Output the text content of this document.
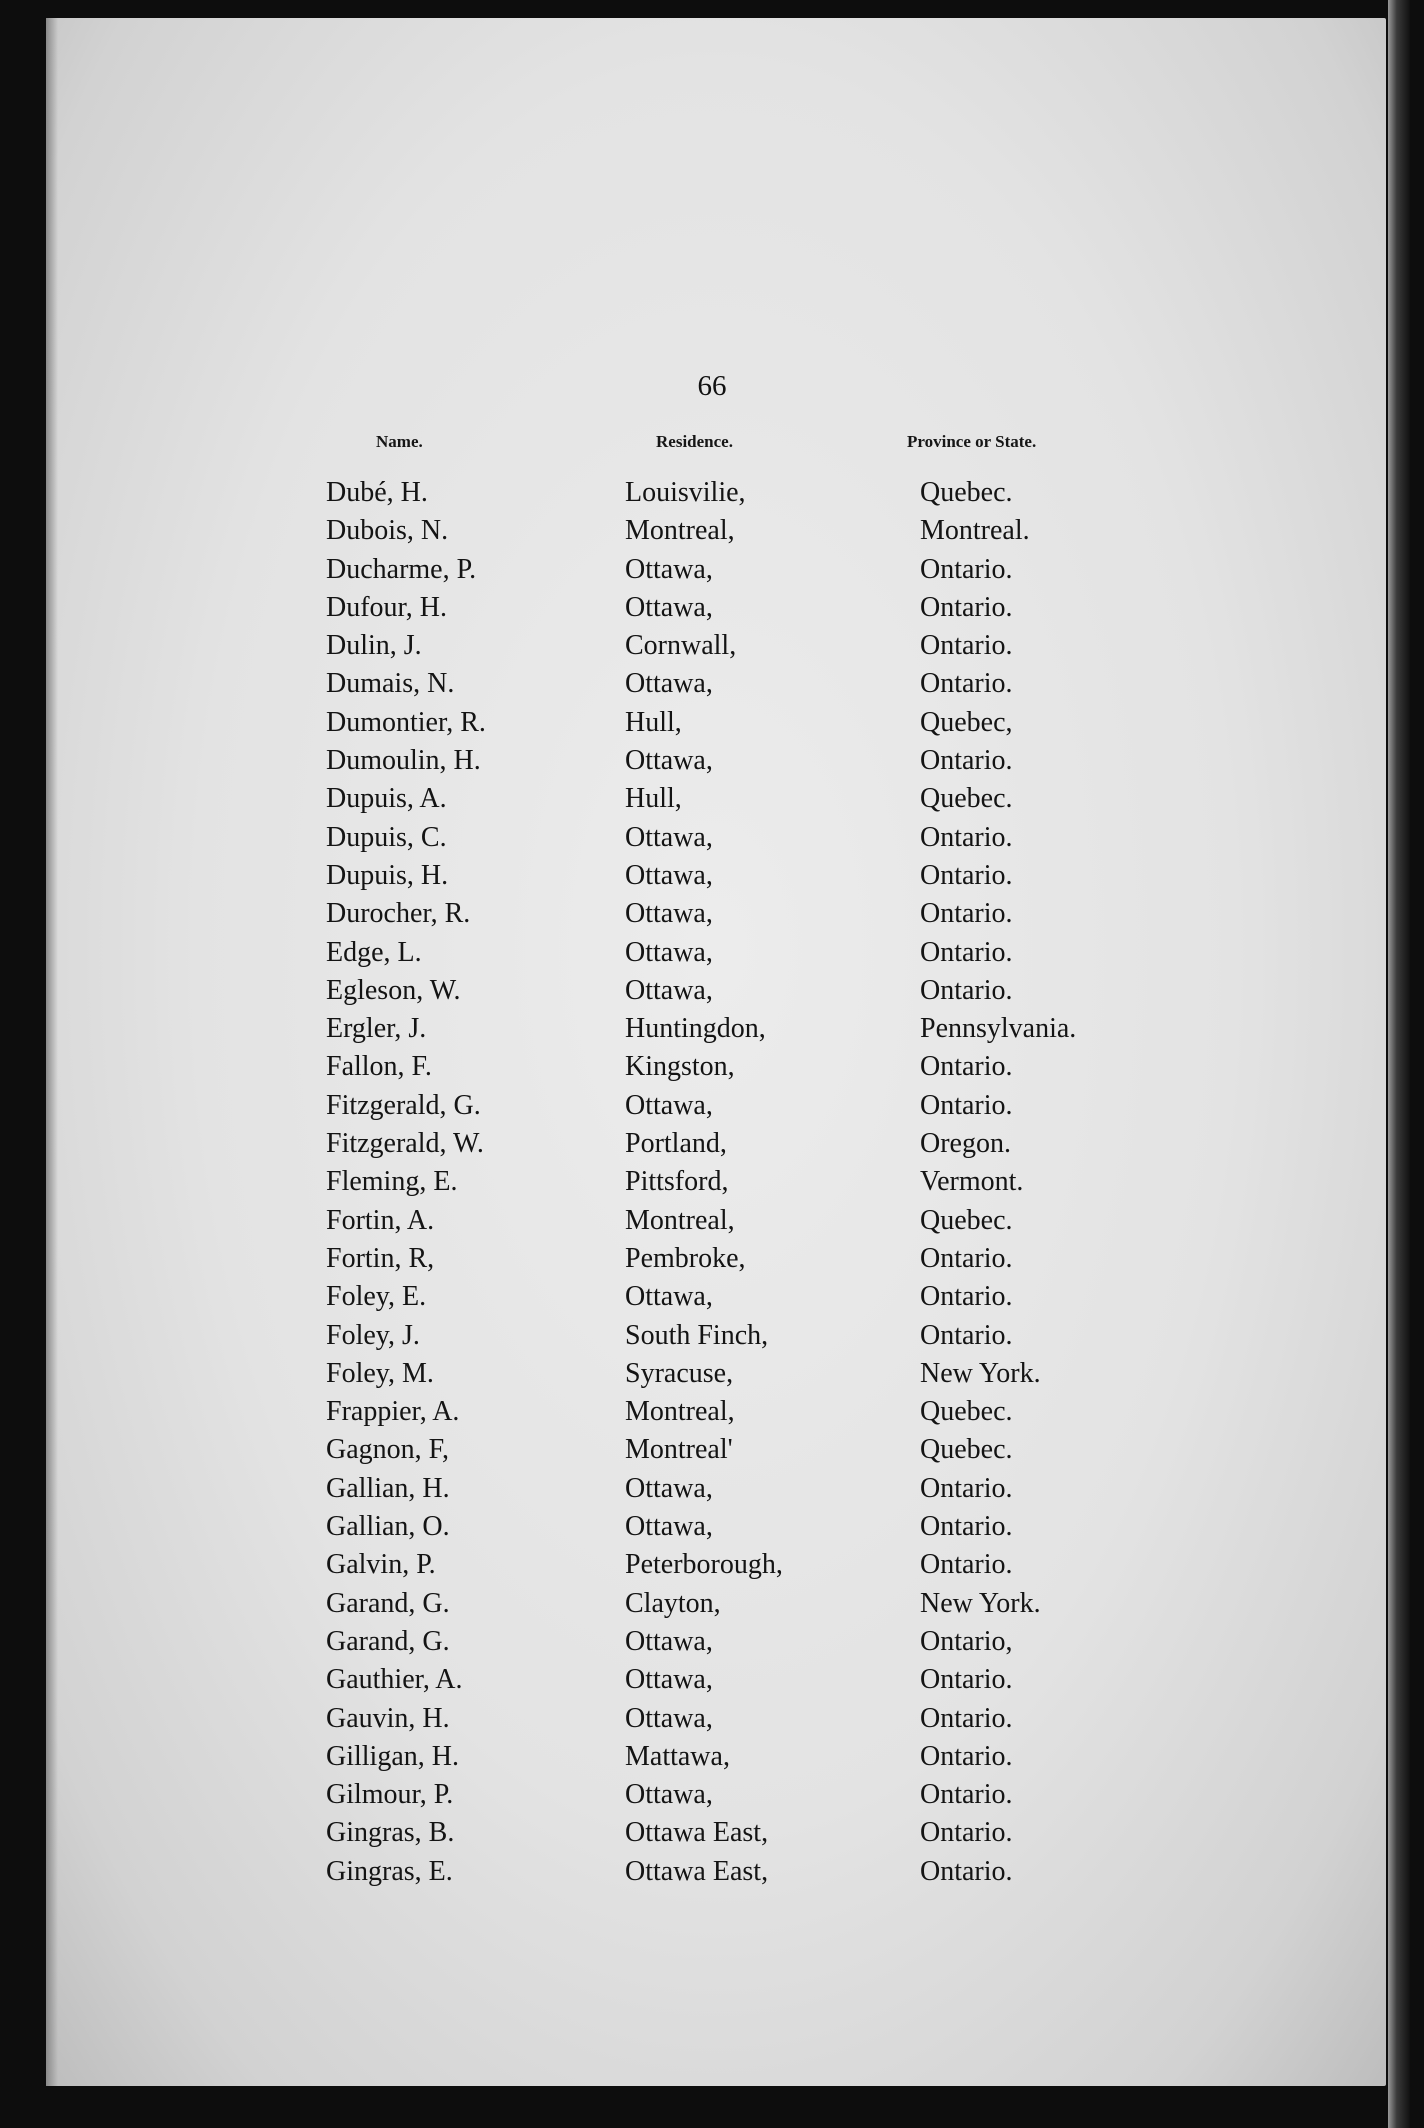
66
Name.	Residence.	Province or State.
Dubé, H.	Louisvilie,	Quebec.
Dubois, N.	Montreal,	Montreal.
Ducharme, P.	Ottawa,	Ontario.
Dufour, H.	Ottawa,	Ontario.
Dulin, J.	Cornwall,	Ontario.
Dumais, N.	Ottawa,	Ontario.
Dumontier, R.	Hull,	Quebec,
Dumoulin, H.	Ottawa,	Ontario.
Dupuis, A.	Hull,	Quebec.
Dupuis, C.	Ottawa,	Ontario.
Dupuis, H.	Ottawa,	Ontario.
Durocher, R.	Ottawa,	Ontario.
Edge, L.	Ottawa,	Ontario.
Egleson, W.	Ottawa,	Ontario.
Ergler, J.	Huntingdon,	Pennsylvania.
Fallon, F.	Kingston,	Ontario.
Fitzgerald, G.	Ottawa,	Ontario.
Fitzgerald, W.	Portland,	Oregon.
Fleming, E.	Pittsford,	Vermont.
Fortin, A.	Montreal,	Quebec.
Fortin, R,	Pembroke,	Ontario.
Foley, E.	Ottawa,	Ontario.
Foley, J.	South Finch,	Ontario.
Foley, M.	Syracuse,	New York.
Frappier, A.	Montreal,	Quebec.
Gagnon, F,	Montreal'	Quebec.
Gallian, H.	Ottawa,	Ontario.
Gallian, O.	Ottawa,	Ontario.
Galvin, P.	Peterborough,	Ontario.
Garand, G.	Clayton,	New York.
Garand, G.	Ottawa,	Ontario,
Gauthier, A.	Ottawa,	Ontario.
Gauvin, H.	Ottawa,	Ontario.
Gilligan, H.	Mattawa,	Ontario.
Gilmour, P.	Ottawa,	Ontario.
Gingras, B.	Ottawa East,	Ontario.
Gingras, E.	Ottawa East,	Ontario.
